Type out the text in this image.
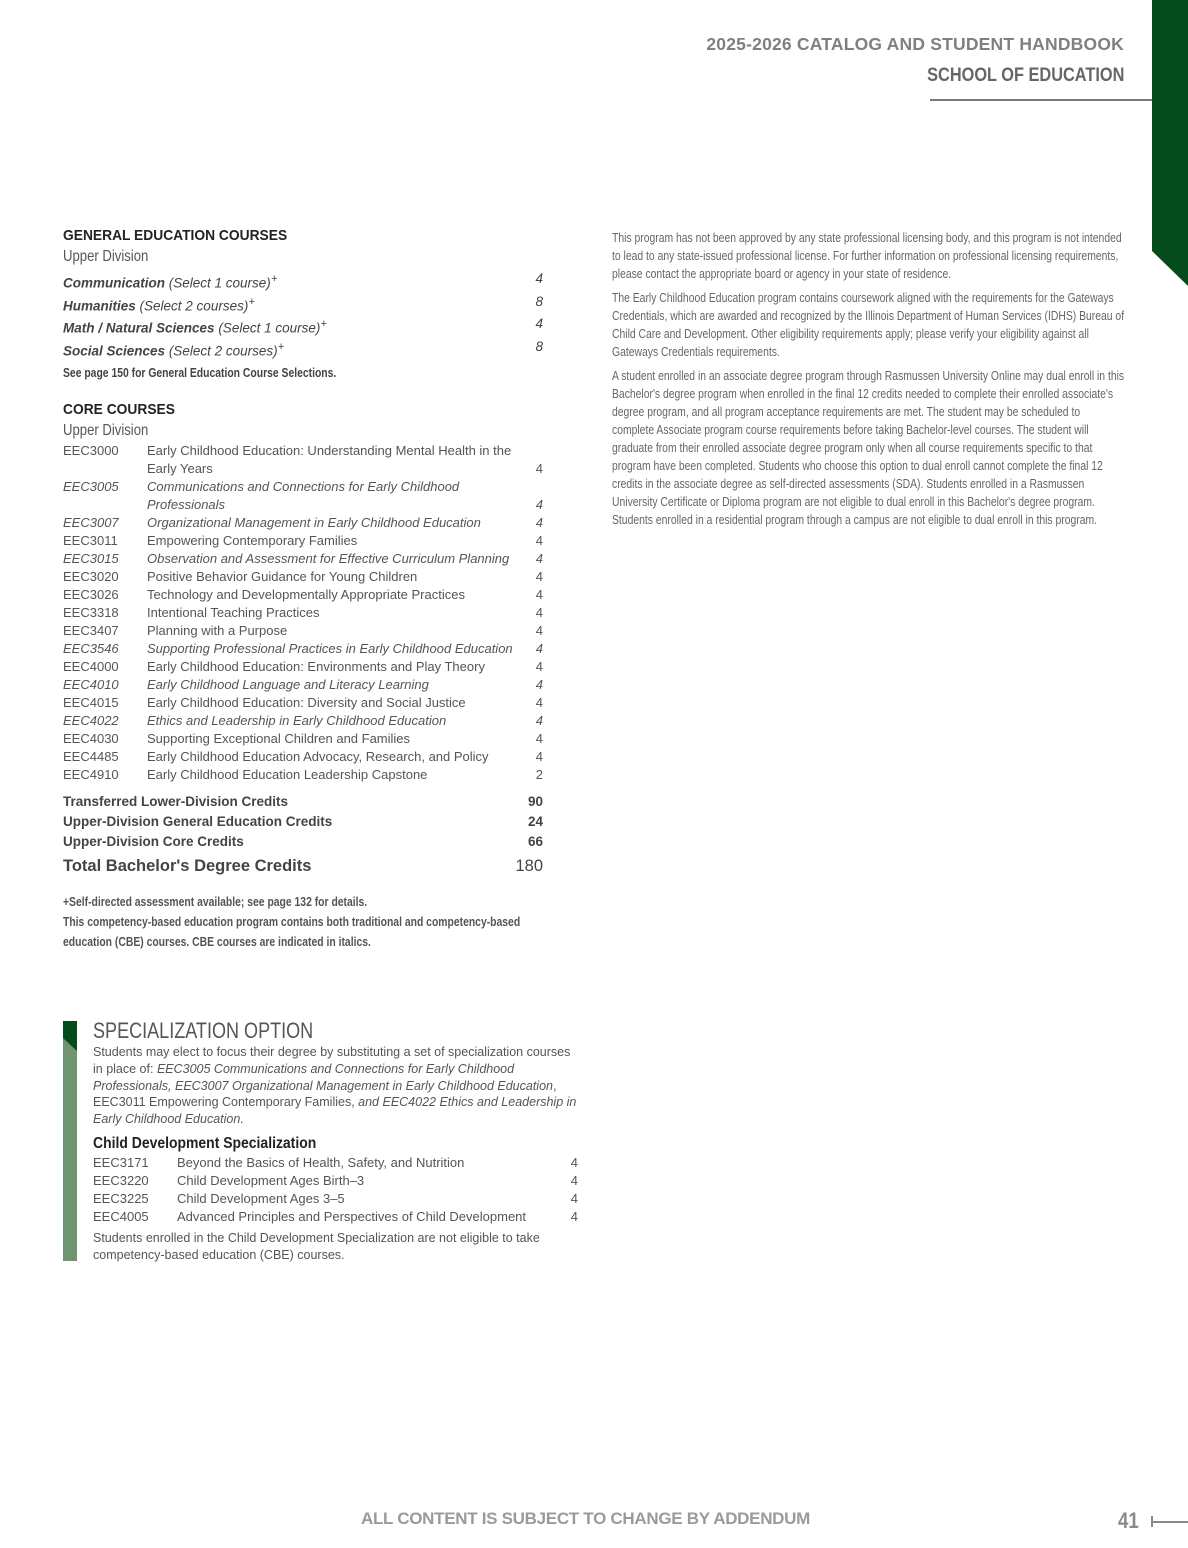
2025-2026 CATALOG AND STUDENT HANDBOOK
SCHOOL OF EDUCATION
GENERAL EDUCATION COURSES
Upper Division
Communication (Select 1 course)+	4
Humanities (Select 2 courses)+	8
Math / Natural Sciences (Select 1 course)+	4
Social Sciences (Select 2 courses)+	8
See page 150 for General Education Course Selections.
CORE COURSES
Upper Division
EEC3000	Early Childhood Education: Understanding Mental Health in the Early Years	4
EEC3005	Communications and Connections for Early Childhood Professionals	4
EEC3007	Organizational Management in Early Childhood Education	4
EEC3011	Empowering Contemporary Families	4
EEC3015	Observation and Assessment for Effective Curriculum Planning	4
EEC3020	Positive Behavior Guidance for Young Children	4
EEC3026	Technology and Developmentally Appropriate Practices	4
EEC3318	Intentional Teaching Practices	4
EEC3407	Planning with a Purpose	4
EEC3546	Supporting Professional Practices in Early Childhood Education	4
EEC4000	Early Childhood Education: Environments and Play Theory	4
EEC4010	Early Childhood Language and Literacy Learning	4
EEC4015	Early Childhood Education: Diversity and Social Justice	4
EEC4022	Ethics and Leadership in Early Childhood Education	4
EEC4030	Supporting Exceptional Children and Families	4
EEC4485	Early Childhood Education Advocacy, Research, and Policy	4
EEC4910	Early Childhood Education Leadership Capstone	2
Transferred Lower-Division Credits	90
Upper-Division General Education Credits	24
Upper-Division Core Credits	66
Total Bachelor's Degree Credits	180

+Self-directed assessment available; see page 132 for details.

This competency-based education program contains both traditional and competency-based

education (CBE) courses. CBE courses are indicated in italics.

SPECIALIZATION OPTION
Students may elect to focus their degree by substituting a set of specialization courses in place of: EEC3005 Communications and Connections for Early Childhood Professionals, EEC3007 Organizational Management in Early Childhood Education, EEC3011 Empowering Contemporary Families, and EEC4022 Ethics and Leadership in Early Childhood Education.
Child Development Specialization
EEC3171	Beyond the Basics of Health, Safety, and Nutrition	4
EEC3220	Child Development Ages Birth–3	4
EEC3225	Child Development Ages 3–5	4
EEC4005	Advanced Principles and Perspectives of Child Development	4
Students enrolled in the Child Development Specialization are not eligible to take competency-based education (CBE) courses.

This program has not been approved by any state professional licensing body, and this program is not intended to lead to any state-issued professional license. For further information on professional licensing requirements, please contact the appropriate board or agency in your state of residence.

The Early Childhood Education program contains coursework aligned with the requirements for the Gateways Credentials, which are awarded and recognized by the Illinois Department of Human Services (IDHS) Bureau of Child Care and Development. Other eligibility requirements apply; please verify your eligibility against all Gateways Credentials requirements.

A student enrolled in an associate degree program through Rasmussen University Online may dual enroll in this Bachelor's degree program when enrolled in the final 12 credits needed to complete their enrolled associate's degree program, and all program acceptance requirements are met. The student may be scheduled to complete Associate program course requirements before taking Bachelor-level courses. The student will graduate from their enrolled associate degree program only when all course requirements specific to that program have been completed. Students who choose this option to dual enroll cannot complete the final 12 credits in the associate degree as self-directed assessments (SDA). Students enrolled in a Rasmussen University Certificate or Diploma program are not eligible to dual enroll in this Bachelor's degree program. Students enrolled in a residential program through a campus are not eligible to dual enroll in this program.

ALL CONTENT IS SUBJECT TO CHANGE BY ADDENDUM	41
